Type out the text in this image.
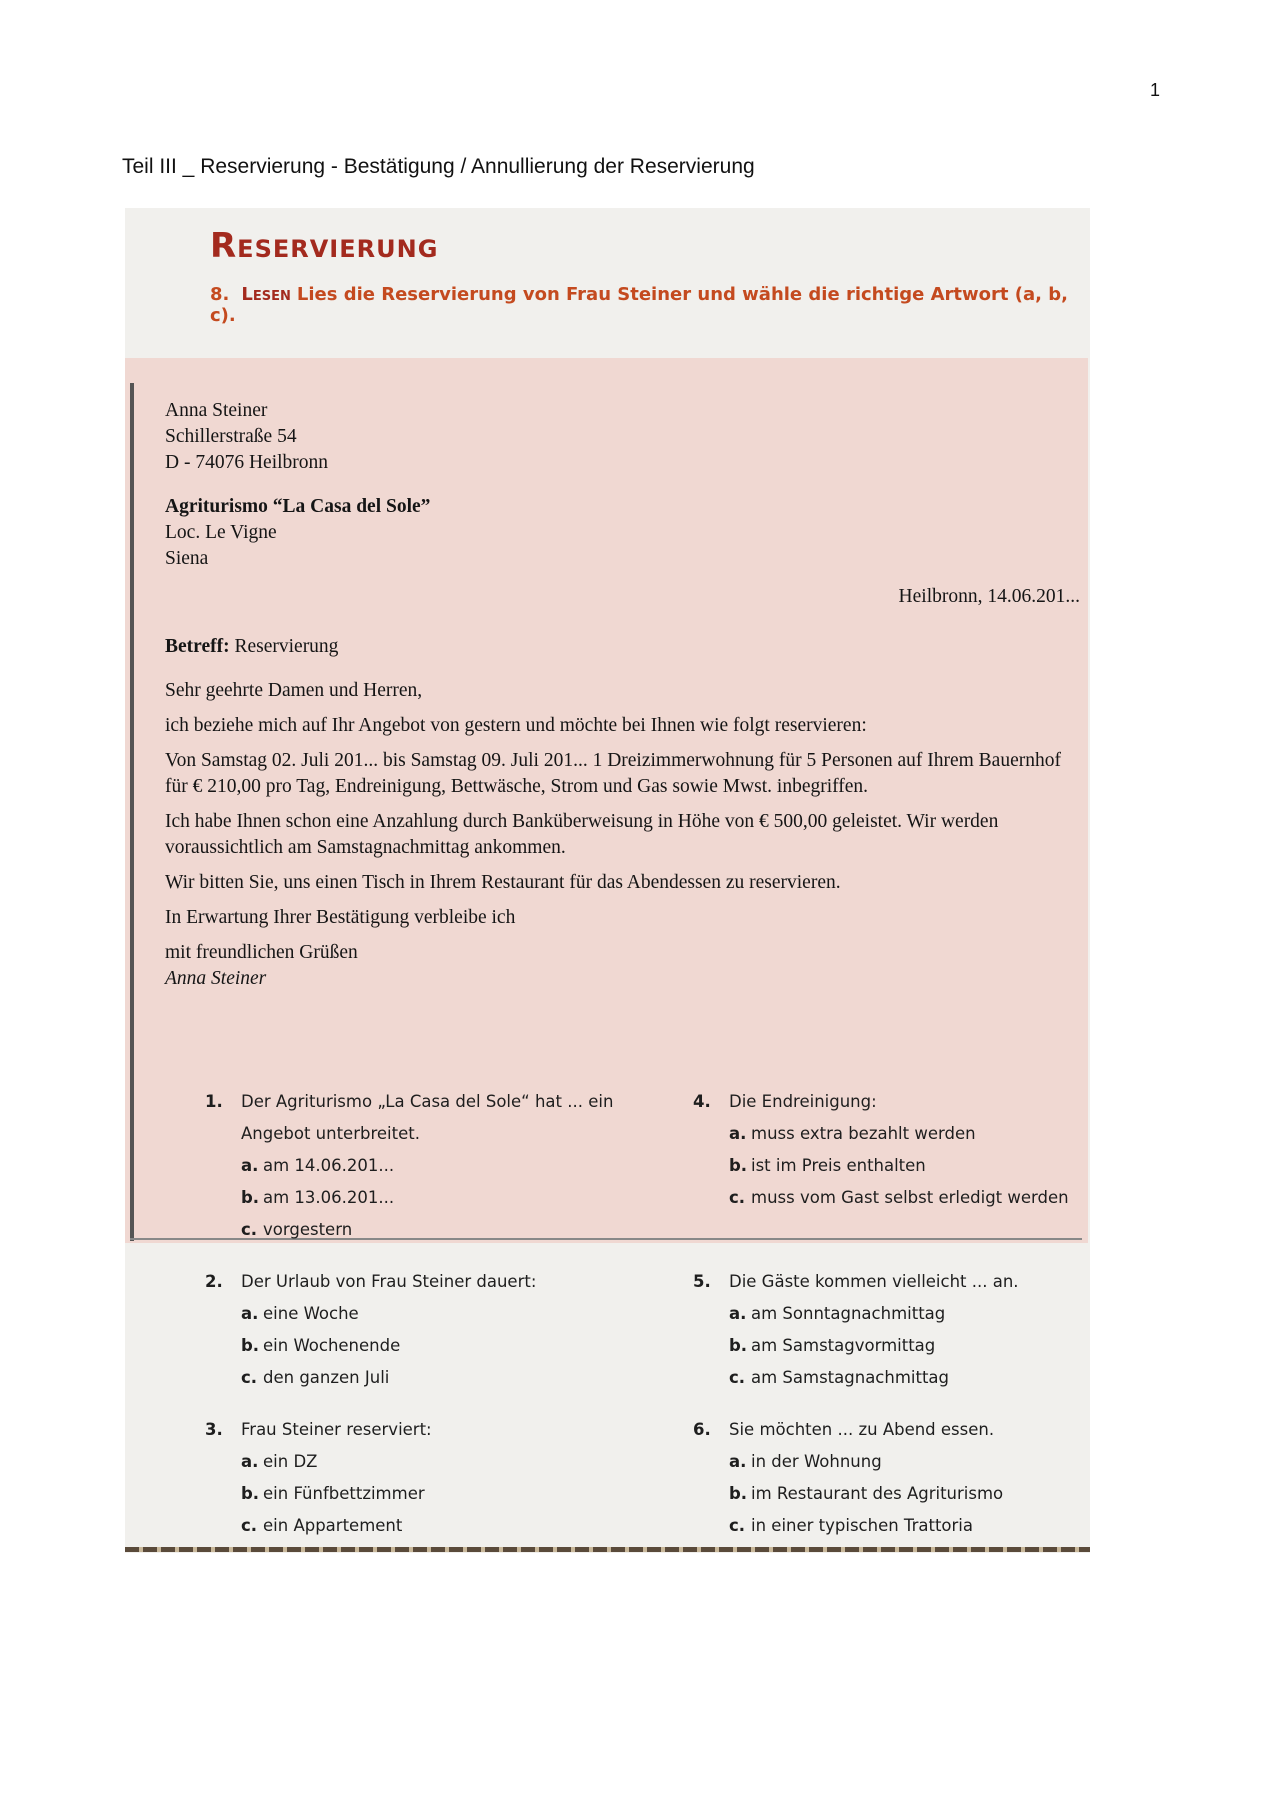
1
Teil III _ Reservierung - Bestätigung / Annullierung der Reservierung
Reservierung
8. Lesen Lies die Reservierung von Frau Steiner und wähle die richtige Artwort (a, b, c).
Anna Steiner
Schillerstraße 54
D - 74076 Heilbronn
Agriturismo “La Casa del Sole”
Loc. Le Vigne
Siena
Heilbronn, 14.06.201...
Betreff: Reservierung

Sehr geehrte Damen und Herren,

ich beziehe mich auf Ihr Angebot von gestern und möchte bei Ihnen wie folgt reservieren:

Von Samstag 02. Juli 201... bis Samstag 09. Juli 201... 1 Dreizimmerwohnung für 5 Personen auf Ihrem Bauernhof für € 210,00 pro Tag, Endreinigung, Bettwäsche, Strom und Gas sowie Mwst. inbegriffen.

Ich habe Ihnen schon eine Anzahlung durch Banküberweisung in Höhe von € 500,00 geleistet. Wir werden voraussichtlich am Samstagnachmittag ankommen.

Wir bitten Sie, uns einen Tisch in Ihrem Restaurant für das Abendessen zu reservieren.

In Erwartung Ihrer Bestätigung verbleibe ich

mit freundlichen Grüßen
Anna Steiner
1.	Der Agriturismo „La Casa del Sole“ hat ... ein Angebot unterbreitet.
a. am 14.06.201...
b. am 13.06.201...
c. vorgestern
2.	Der Urlaub von Frau Steiner dauert:
a. eine Woche
b. ein Wochenende
c. den ganzen Juli
3.	Frau Steiner reserviert:
a. ein DZ
b. ein Fünfbettzimmer
c. ein Appartement
4.	Die Endreinigung:
a. muss extra bezahlt werden
b. ist im Preis enthalten
c. muss vom Gast selbst erledigt werden
5.	Die Gäste kommen vielleicht ... an.
a. am Sonntagnachmittag
b. am Samstagvormittag
c. am Samstagnachmittag
6.	Sie möchten ... zu Abend essen.
a. in der Wohnung
b. im Restaurant des Agriturismo
c. in einer typischen Trattoria
